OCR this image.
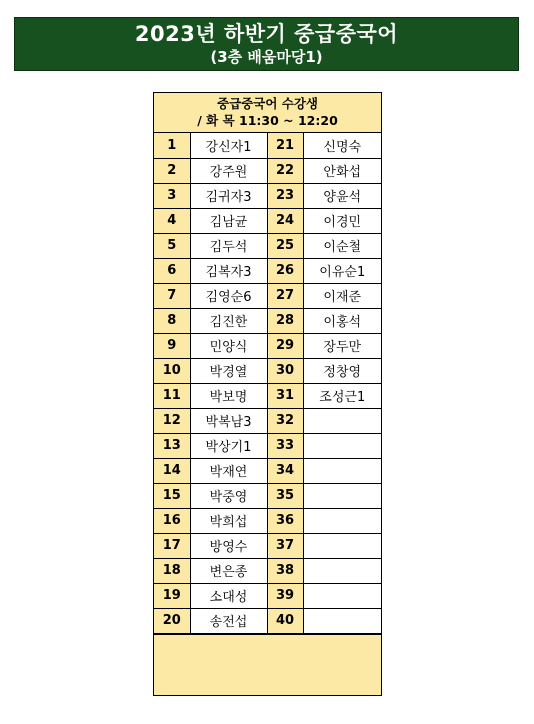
2023년 하반기 중급중국어
(3층 배움마당1)
중급중국어 수강생
/ 화 목 11:30 ~ 12:20
1	강신자1	21	신명숙
2	강주원	22	안화섭
3	김귀자3	23	양윤석
4	김남균	24	이경민
5	김두석	25	이순철
6	김복자3	26	이유순1
7	김영순6	27	이재준
8	김진한	28	이홍석
9	민양식	29	장두만
10	박경열	30	정창영
11	박보명	31	조성근1
12	박복남3	32	
13	박상기1	33	
14	박재연	34	
15	박중영	35	
16	박희섭	36	
17	방영수	37	
18	변은종	38	
19	소대성	39	
20	송전섭	40	
